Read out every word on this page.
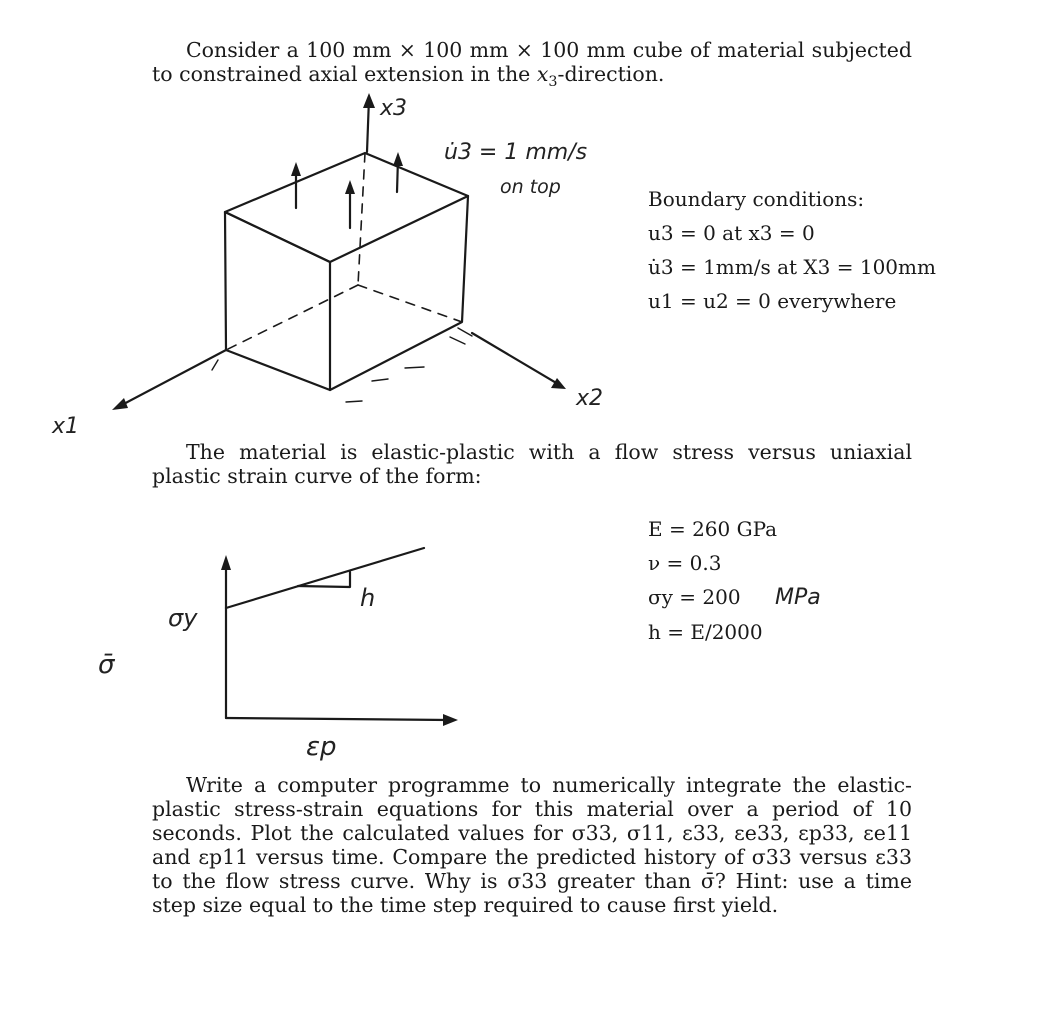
Consider a 100 mm × 100 mm × 100 mm cube of material subjected to constrained axial extension in the $x_3$-direction.
x3
x2
x1
u̇3 = 1 mm/s
on top	Boundary conditions:
u3 = 0 at x3 = 0
u̇3 = 1mm/s at X3 = 100mm
u1 = u2 = 0 everywhere
The material is elastic-plastic with a flow stress versus uniaxial plastic strain curve of the form:
σ̄
σy
h
εp
E = 260 GPa
ν = 0.3
σy = 200 MPa
h = E/2000
Write a computer programme to numerically integrate the elastic-plastic stress-strain equations for this material over a period of 10 seconds. Plot the calculated values for σ33, σ11, ε33, εe33, εp33, εe11 and εp11 versus time. Compare the predicted history of σ33 versus ε33 to the flow stress curve. Why is σ33 greater than σ̄? Hint: use a time step size equal to the time step required to cause first yield.
